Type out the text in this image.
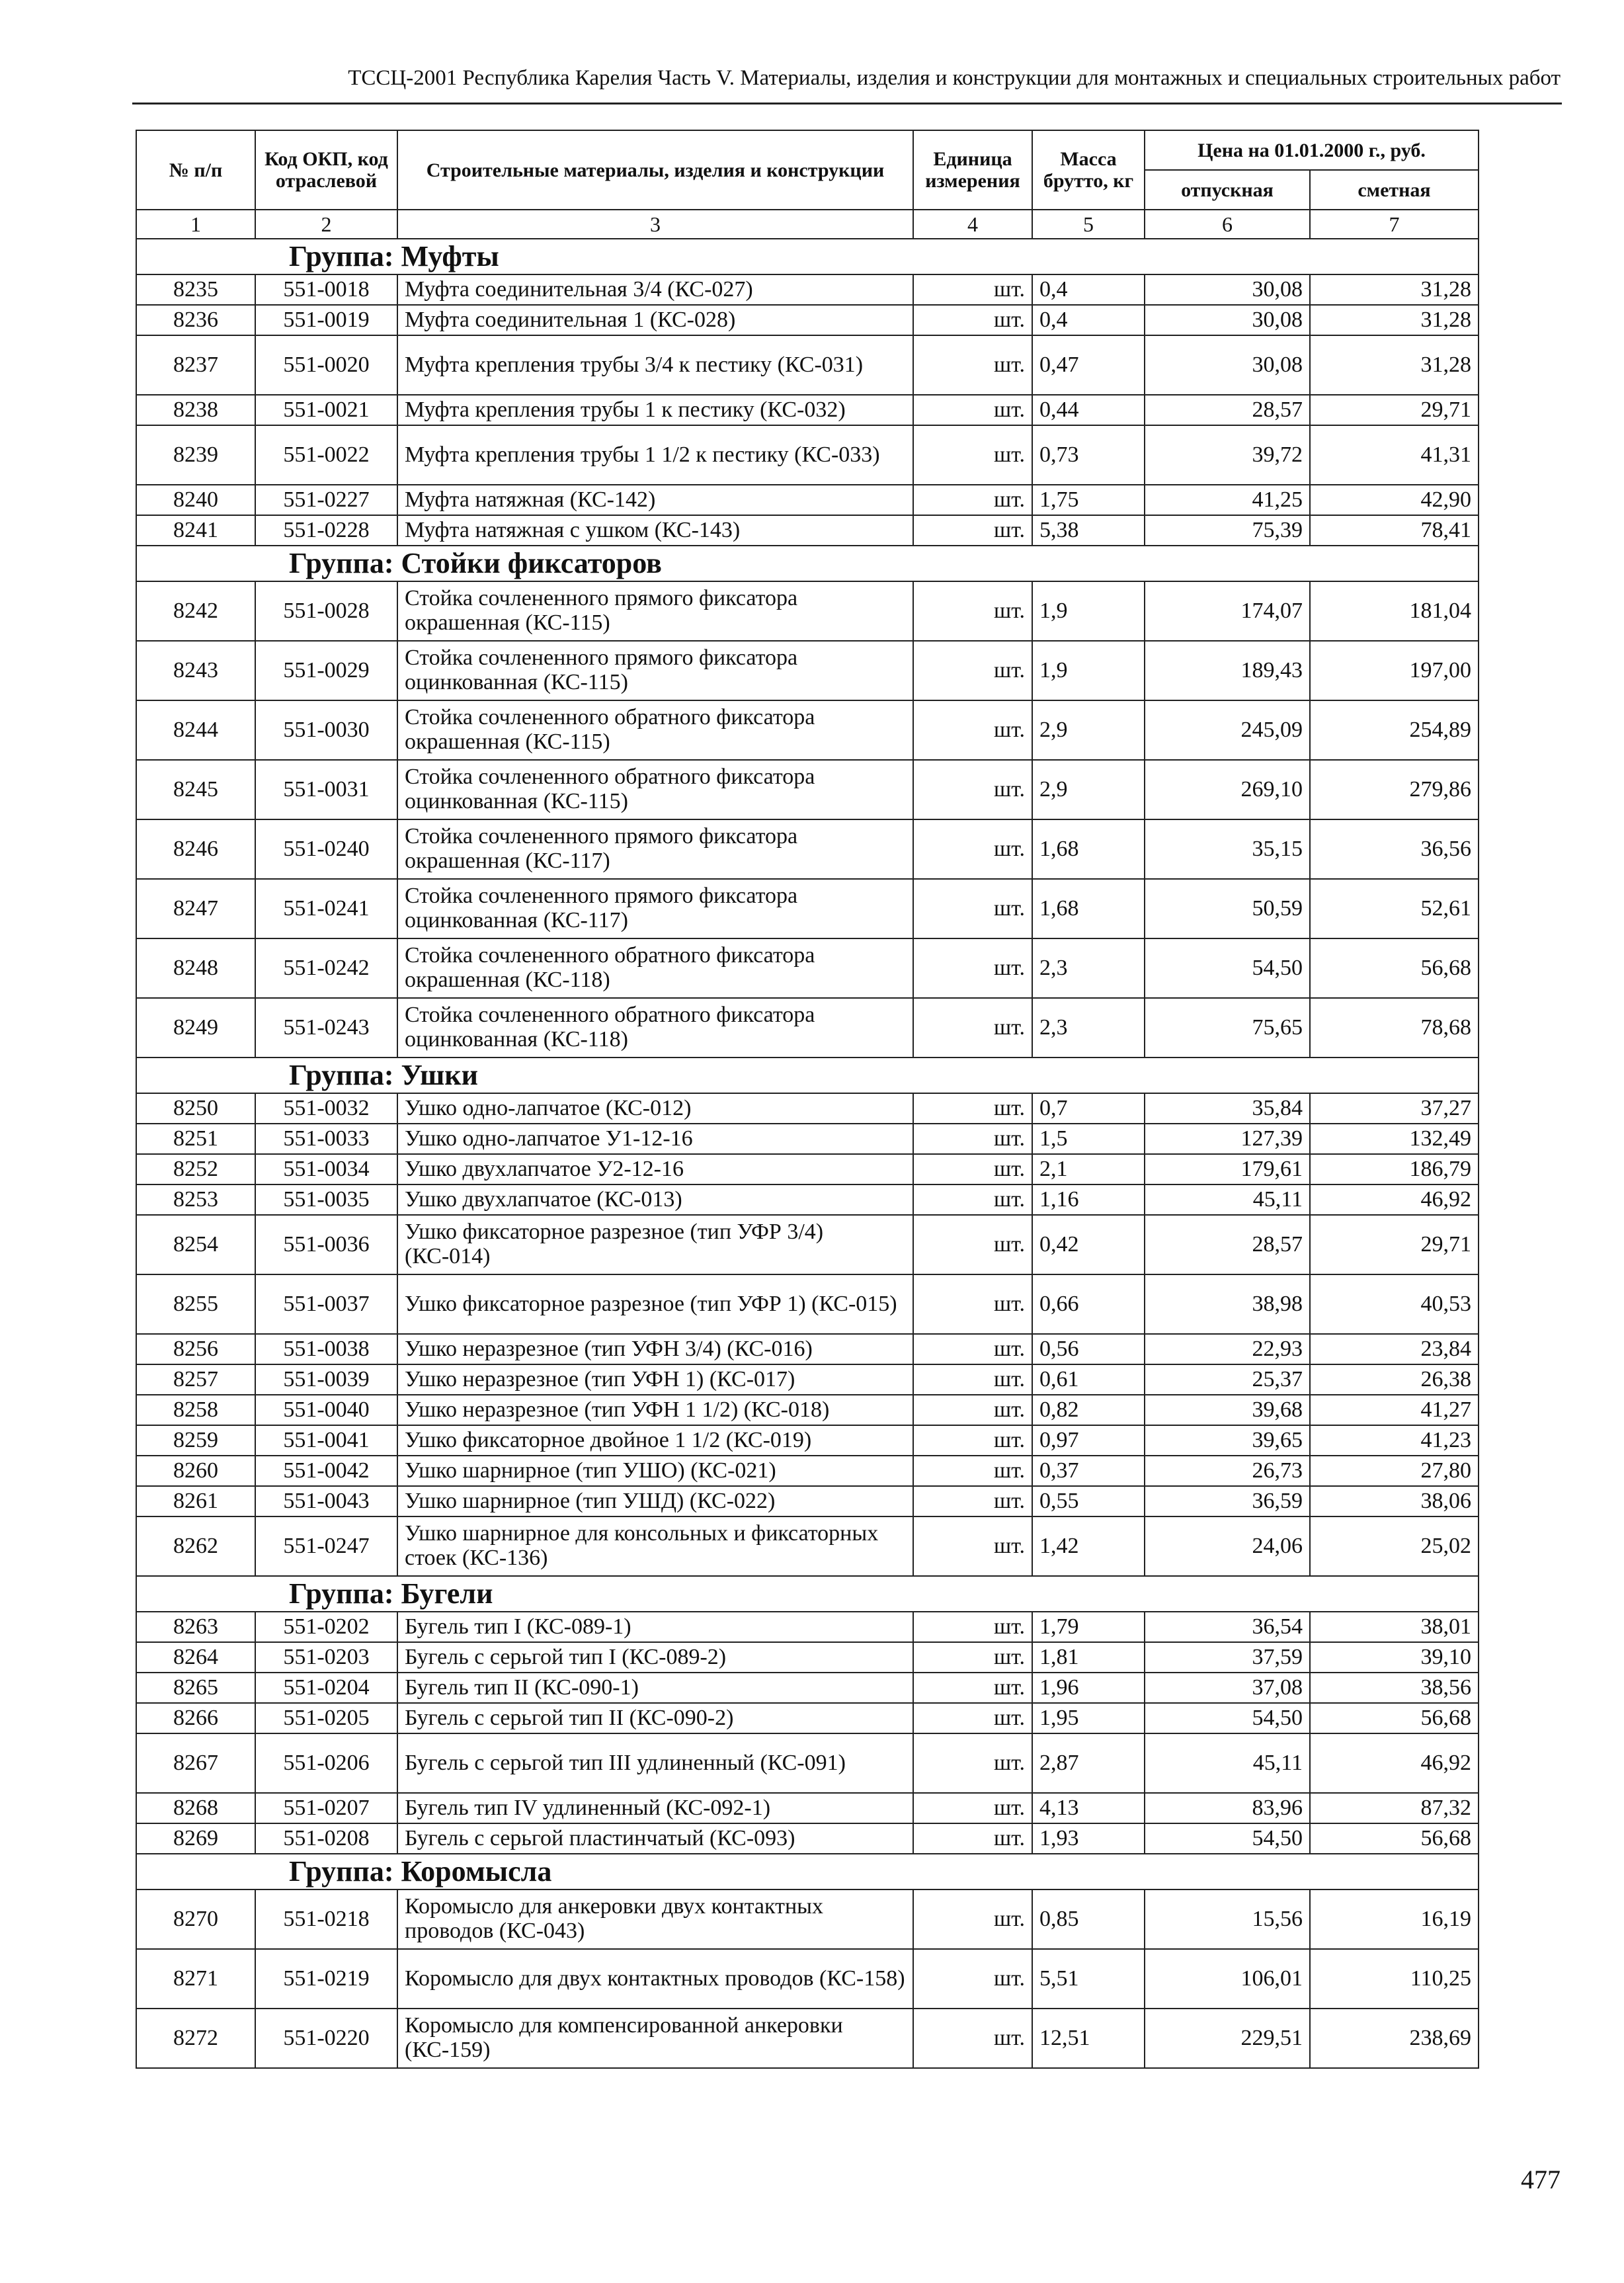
ТССЦ-2001 Республика Карелия Часть V. Материалы, изделия и конструкции для монтажных и специальных строительных работ
№ п/п	Код ОКП, код отраслевой	Строительные материалы, изделия и конструкции	Единица измерения	Масса брутто, кг	Цена на 01.01.2000 г., руб.	
					отпускная	сметная
1	2	3	4	5	6	7
Группа: Муфты						
8235	551-0018	Муфта соединительная 3/4 (КС-027)	шт.	0,4	30,08	31,28
8236	551-0019	Муфта соединительная 1 (КС-028)	шт.	0,4	30,08	31,28
8237	551-0020	Муфта крепления трубы 3/4 к пестику (КС-031)	шт.	0,47	30,08	31,28
8238	551-0021	Муфта крепления трубы 1 к пестику (КС-032)	шт.	0,44	28,57	29,71
8239	551-0022	Муфта крепления трубы 1 1/2 к пестику (КС-033)	шт.	0,73	39,72	41,31
8240	551-0227	Муфта натяжная (КС-142)	шт.	1,75	41,25	42,90
8241	551-0228	Муфта натяжная с ушком (КС-143)	шт.	5,38	75,39	78,41
Группа: Стойки фиксаторов						
8242	551-0028	Стойка сочлененного прямого фиксатора окрашенная (КС-115)	шт.	1,9	174,07	181,04
8243	551-0029	Стойка сочлененного прямого фиксатора оцинкованная (КС-115)	шт.	1,9	189,43	197,00
8244	551-0030	Стойка сочлененного обратного фиксатора окрашенная (КС-115)	шт.	2,9	245,09	254,89
8245	551-0031	Стойка сочлененного обратного фиксатора оцинкованная (КС-115)	шт.	2,9	269,10	279,86
8246	551-0240	Стойка сочлененного прямого фиксатора окрашенная (КС-117)	шт.	1,68	35,15	36,56
8247	551-0241	Стойка сочлененного прямого фиксатора оцинкованная (КС-117)	шт.	1,68	50,59	52,61
8248	551-0242	Стойка сочлененного обратного фиксатора окрашенная (КС-118)	шт.	2,3	54,50	56,68
8249	551-0243	Стойка сочлененного обратного фиксатора оцинкованная (КС-118)	шт.	2,3	75,65	78,68
Группа: Ушки						
8250	551-0032	Ушко одно-лапчатое (КС-012)	шт.	0,7	35,84	37,27
8251	551-0033	Ушко одно-лапчатое У1-12-16	шт.	1,5	127,39	132,49
8252	551-0034	Ушко двухлапчатое У2-12-16	шт.	2,1	179,61	186,79
8253	551-0035	Ушко двухлапчатое (КС-013)	шт.	1,16	45,11	46,92
8254	551-0036	Ушко фиксаторное разрезное (тип УФР 3/4) (КС-014)	шт.	0,42	28,57	29,71
8255	551-0037	Ушко фиксаторное разрезное (тип УФР 1) (КС-015)	шт.	0,66	38,98	40,53
8256	551-0038	Ушко неразрезное (тип УФН 3/4) (КС-016)	шт.	0,56	22,93	23,84
8257	551-0039	Ушко неразрезное (тип УФН 1) (КС-017)	шт.	0,61	25,37	26,38
8258	551-0040	Ушко неразрезное (тип УФН 1 1/2) (КС-018)	шт.	0,82	39,68	41,27
8259	551-0041	Ушко фиксаторное двойное 1 1/2 (КС-019)	шт.	0,97	39,65	41,23
8260	551-0042	Ушко шарнирное (тип УШО) (КС-021)	шт.	0,37	26,73	27,80
8261	551-0043	Ушко шарнирное (тип УШД) (КС-022)	шт.	0,55	36,59	38,06
8262	551-0247	Ушко шарнирное для консольных и фиксаторных стоек (КС-136)	шт.	1,42	24,06	25,02
Группа: Бугели						
8263	551-0202	Бугель тип I (КС-089-1)	шт.	1,79	36,54	38,01
8264	551-0203	Бугель с серьгой тип I (КС-089-2)	шт.	1,81	37,59	39,10
8265	551-0204	Бугель тип II (КС-090-1)	шт.	1,96	37,08	38,56
8266	551-0205	Бугель с серьгой тип II (КС-090-2)	шт.	1,95	54,50	56,68
8267	551-0206	Бугель с серьгой тип III удлиненный (КС-091)	шт.	2,87	45,11	46,92
8268	551-0207	Бугель тип IV удлиненный (КС-092-1)	шт.	4,13	83,96	87,32
8269	551-0208	Бугель с серьгой пластинчатый (КС-093)	шт.	1,93	54,50	56,68
Группа: Коромысла						
8270	551-0218	Коромысло для анкеровки двух контактных проводов (КС-043)	шт.	0,85	15,56	16,19
8271	551-0219	Коромысло для двух контактных проводов (КС-158)	шт.	5,51	106,01	110,25
8272	551-0220	Коромысло для компенсированной анкеровки (КС-159)	шт.	12,51	229,51	238,69
477
